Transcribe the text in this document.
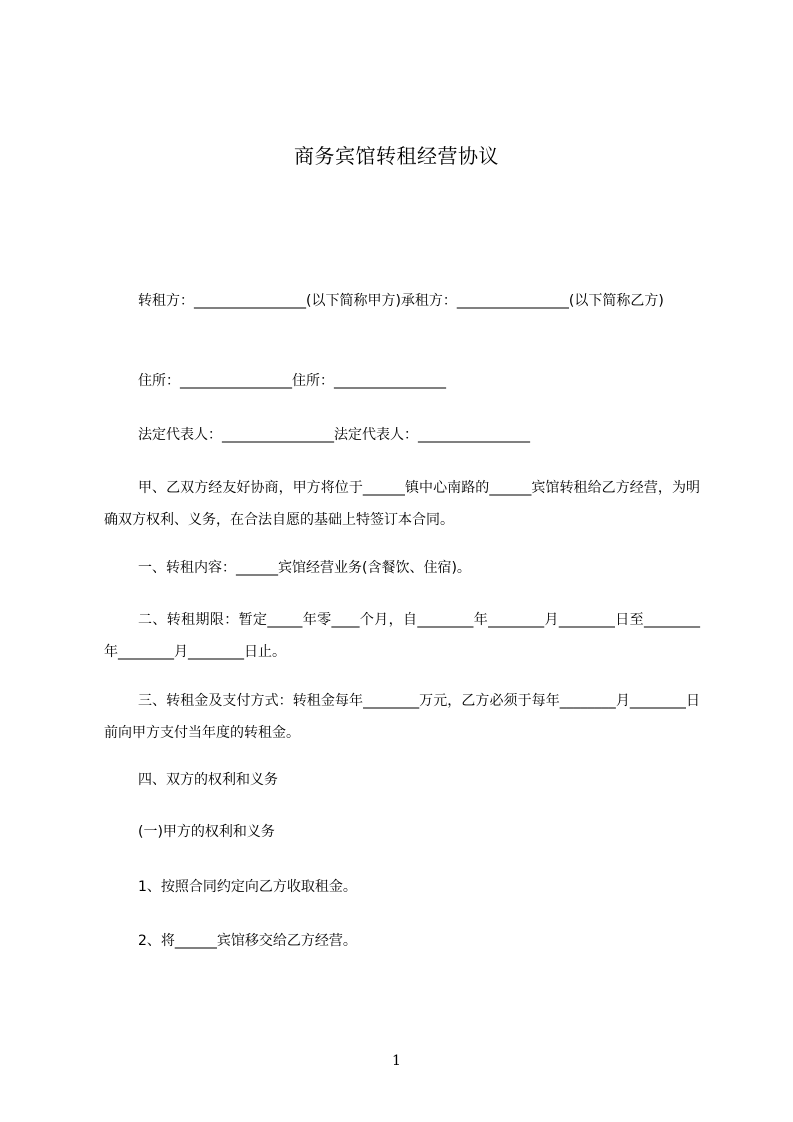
商务宾馆转租经营协议
转租方：________________(以下简称甲方)承租方：________________(以下简称乙方)
住所：________________住所：________________
法定代表人：________________法定代表人：________________
甲、乙双方经友好协商，甲方将位于______镇中心南路的______宾馆转租给乙方经营，为明确双方权利、义务，在合法自愿的基础上特签订本合同。
一、转租内容：______宾馆经营业务(含餐饮、住宿)。
二、转租期限：暂定_____年零____个月，自________年________月________日至________年________月________日止。
三、转租金及支付方式：转租金每年________万元，乙方必须于每年________月________日前向甲方支付当年度的转租金。
四、双方的权利和义务
(一)甲方的权利和义务
1、按照合同约定向乙方收取租金。
2、将______宾馆移交给乙方经营。
1
